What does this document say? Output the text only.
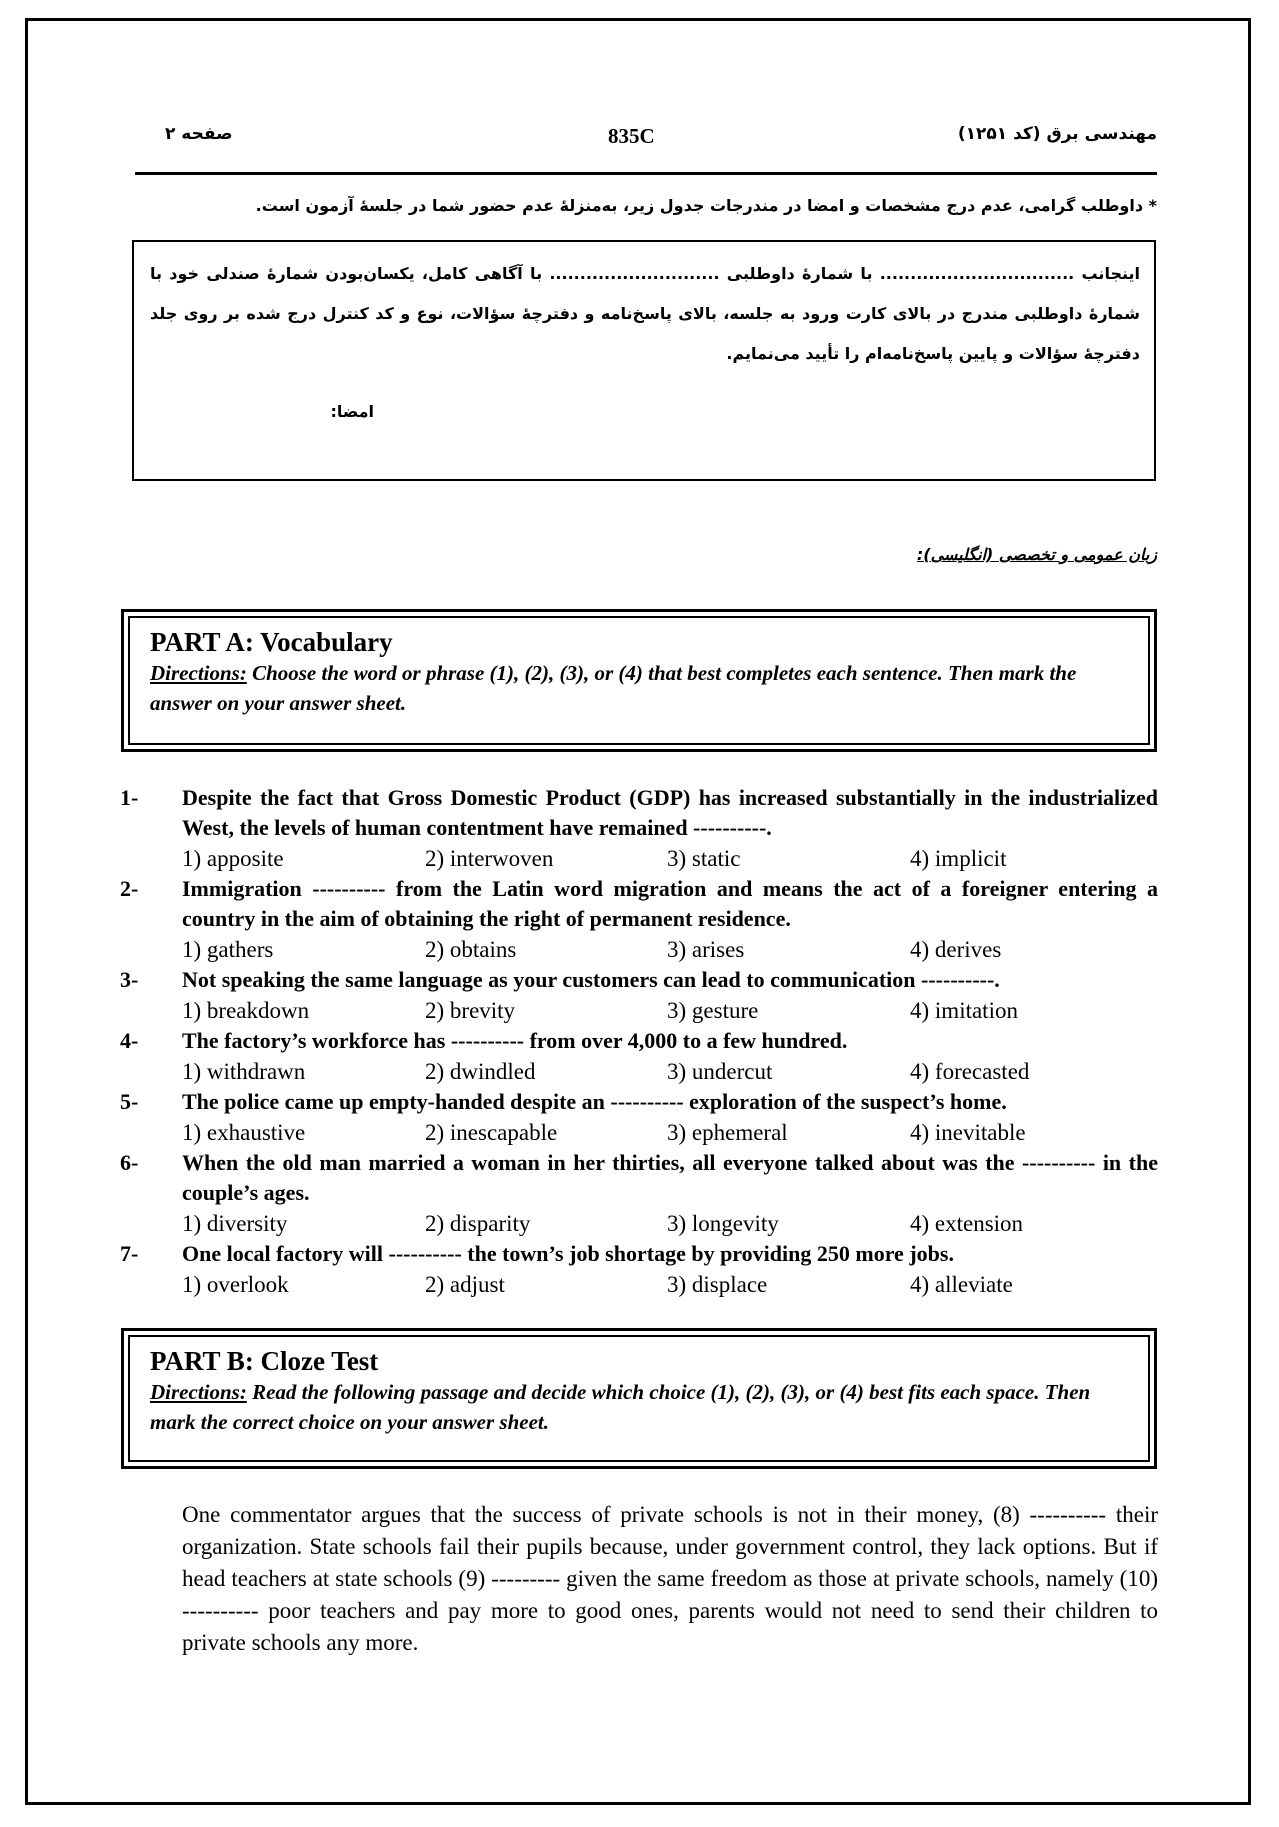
صفحه ۲	835C	مهندسی برق (کد ۱۲۵۱)
* داوطلب گرامی، عدم درج مشخصات و امضا در مندرجات جدول زیر، به‌منزلهٔ عدم حضور شما در جلسهٔ آزمون است.
اینجانب ................................ با شمارهٔ داوطلبی ............................ با آگاهی کامل، یکسان‌بودن شمارهٔ صندلی خود با شمارهٔ داوطلبی مندرج در بالای کارت ورود به جلسه، بالای پاسخ‌نامه و دفترچهٔ سؤالات، نوع و کد کنترل درج شده بر روی جلد دفترچهٔ سؤالات و پایین پاسخ‌نامه‌ام را تأیید می‌نمایم.
امضا:
زبان عمومی و تخصصی (انگلیسی):
PART A: Vocabulary
Directions: Choose the word or phrase (1), (2), (3), or (4) that best completes each sentence. Then mark the answer on your answer sheet.
1- Despite the fact that Gross Domestic Product (GDP) has increased substantially in the industrialized West, the levels of human contentment have remained ----------.
1) apposite	2) interwoven	3) static	4) implicit
2- Immigration ---------- from the Latin word migration and means the act of a foreigner entering a country in the aim of obtaining the right of permanent residence.
1) gathers	2) obtains	3) arises	4) derives
3- Not speaking the same language as your customers can lead to communication ----------.
1) breakdown	2) brevity	3) gesture	4) imitation
4- The factory’s workforce has ---------- from over 4,000 to a few hundred.
1) withdrawn	2) dwindled	3) undercut	4) forecasted
5- The police came up empty-handed despite an ---------- exploration of the suspect’s home.
1) exhaustive	2) inescapable	3) ephemeral	4) inevitable
6- When the old man married a woman in her thirties, all everyone talked about was the ---------- in the couple’s ages.
1) diversity	2) disparity	3) longevity	4) extension
7- One local factory will ---------- the town’s job shortage by providing 250 more jobs.
1) overlook	2) adjust	3) displace	4) alleviate
PART B: Cloze Test
Directions: Read the following passage and decide which choice (1), (2), (3), or (4) best fits each space. Then mark the correct choice on your answer sheet.
One commentator argues that the success of private schools is not in their money, (8) ---------- their organization. State schools fail their pupils because, under government control, they lack options. But if head teachers at state schools (9) --------- given the same freedom as those at private schools, namely (10) ---------- poor teachers and pay more to good ones, parents would not need to send their children to private schools any more.
